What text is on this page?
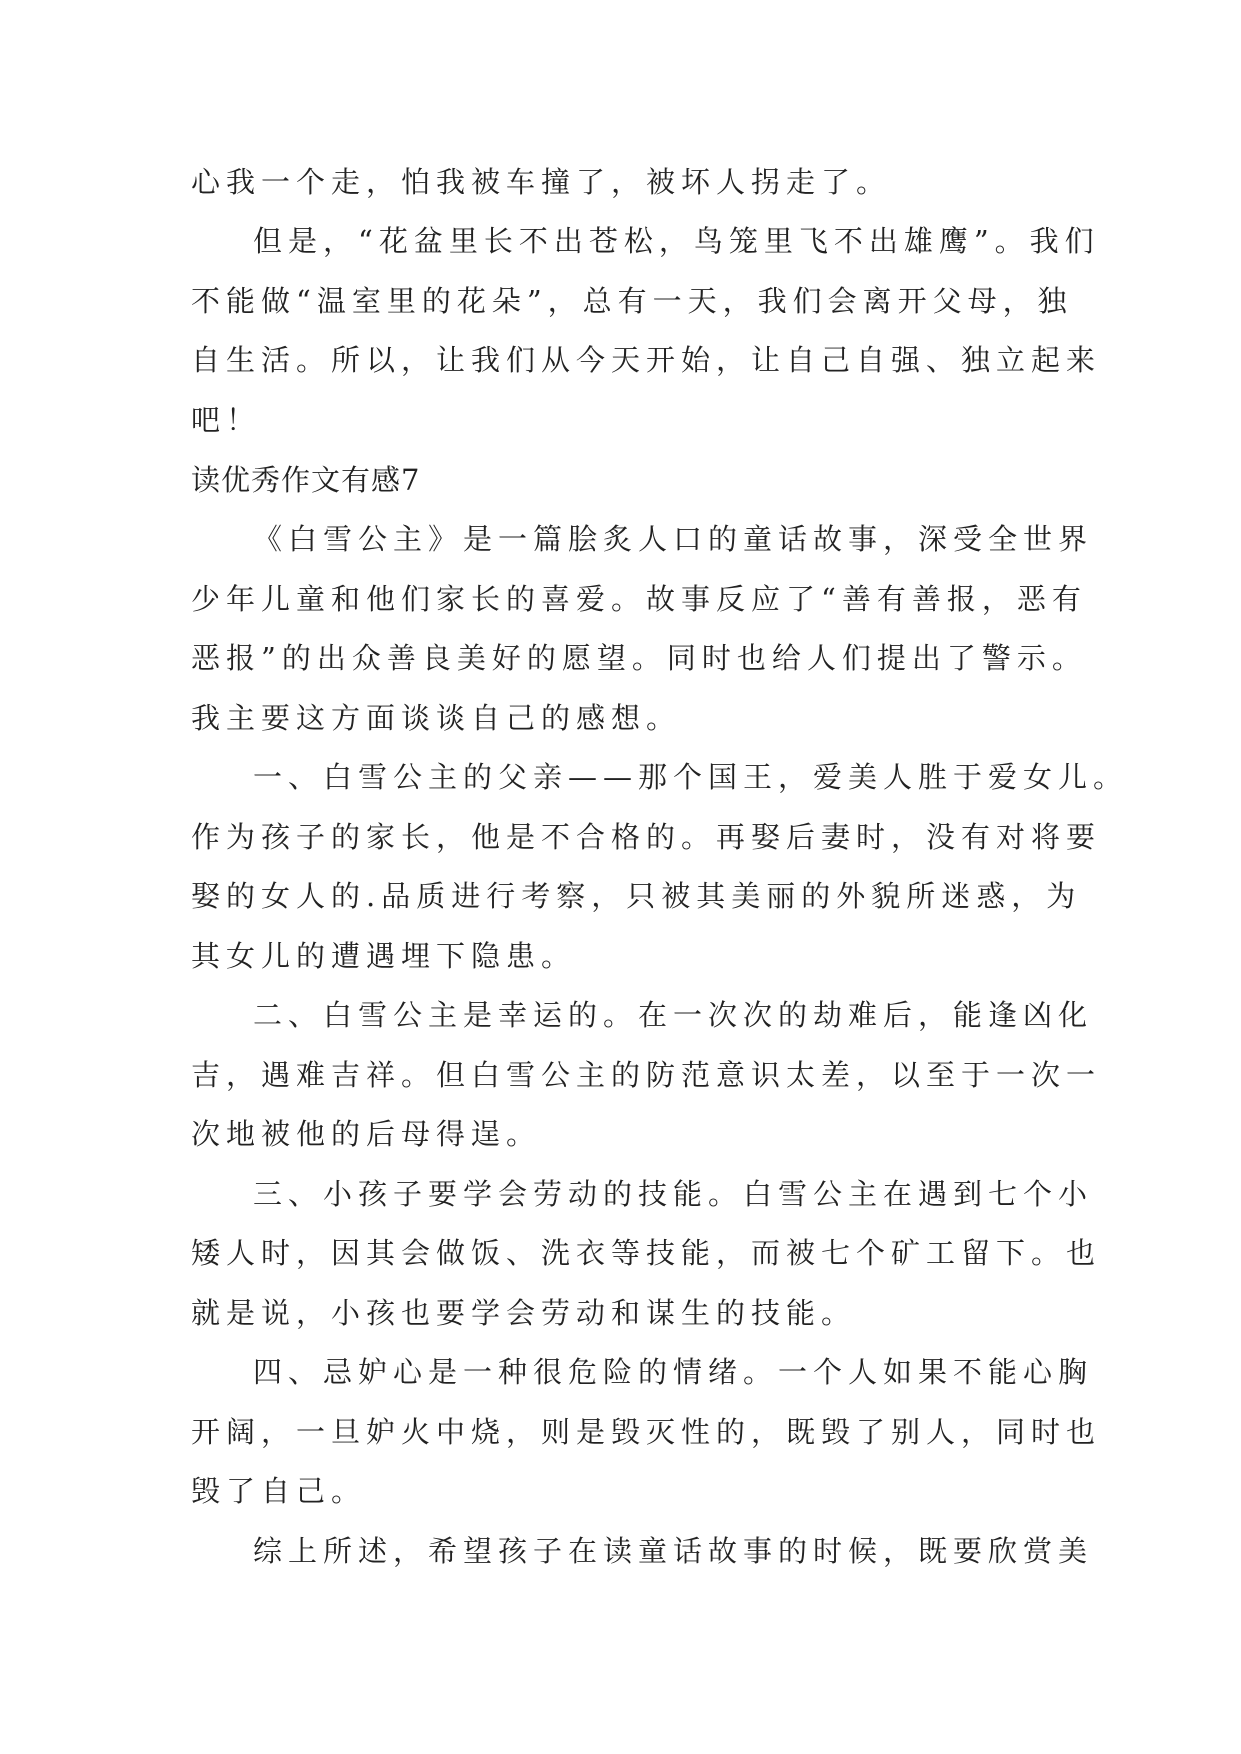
心我一个走，怕我被车撞了，被坏人拐走了。
但是，“花盆里长不出苍松，鸟笼里飞不出雄鹰”。我们
不能做“温室里的花朵”，总有一天，我们会离开父母，独
自生活。所以，让我们从今天开始，让自己自强、独立起来
吧！
读优秀作文有感7
《白雪公主》是一篇脍炙人口的童话故事，深受全世界
少年儿童和他们家长的喜爱。故事反应了“善有善报，恶有
恶报”的出众善良美好的愿望。同时也给人们提出了警示。
我主要这方面谈谈自己的感想。
一、白雪公主的父亲——那个国王，爱美人胜于爱女儿。
作为孩子的家长，他是不合格的。再娶后妻时，没有对将要
娶的女人的.品质进行考察，只被其美丽的外貌所迷惑，为
其女儿的遭遇埋下隐患。
二、白雪公主是幸运的。在一次次的劫难后，能逢凶化
吉，遇难吉祥。但白雪公主的防范意识太差，以至于一次一
次地被他的后母得逞。
三、小孩子要学会劳动的技能。白雪公主在遇到七个小
矮人时，因其会做饭、洗衣等技能，而被七个矿工留下。也
就是说，小孩也要学会劳动和谋生的技能。
四、忌妒心是一种很危险的情绪。一个人如果不能心胸
开阔，一旦妒火中烧，则是毁灭性的，既毁了别人，同时也
毁了自己。
综上所述，希望孩子在读童话故事的时候，既要欣赏美
